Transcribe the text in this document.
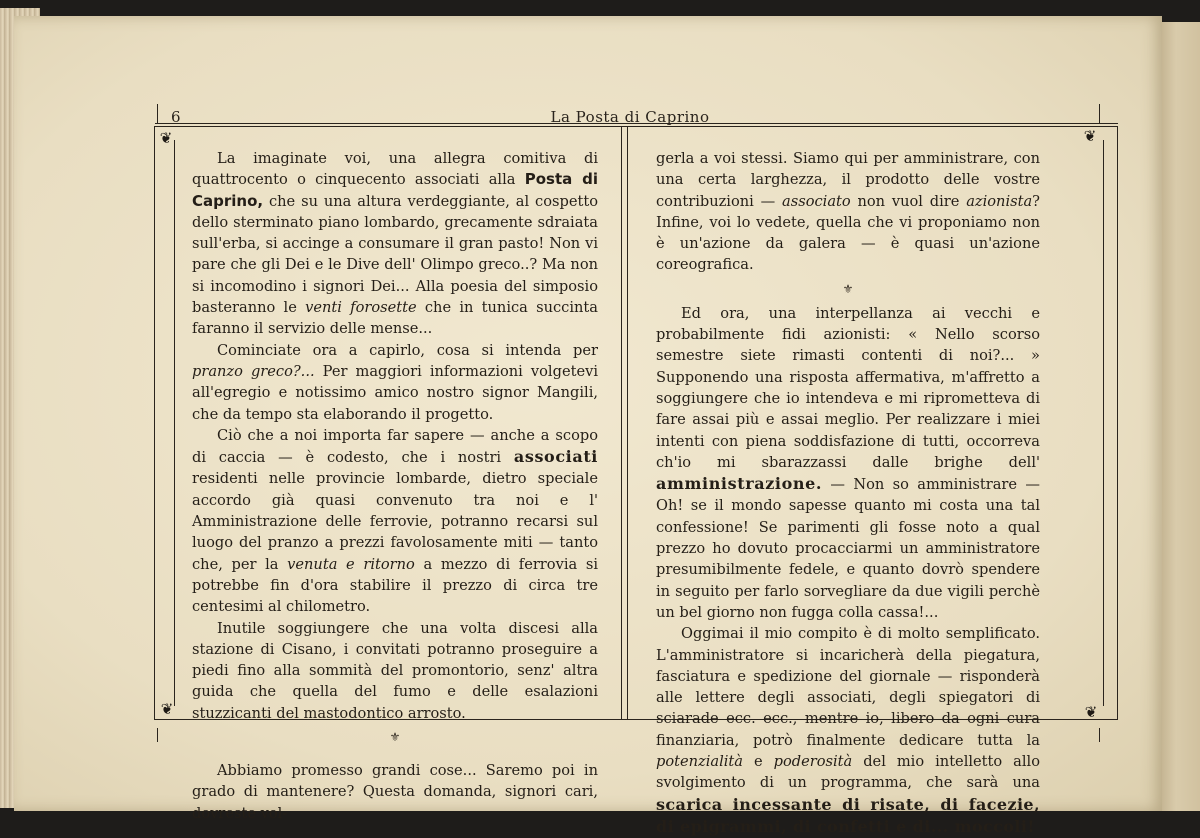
6	La Posta di Caprino
❦	❦
❦	❦

La imaginate voi, una allegra comitiva di quattrocento o cinquecento associati alla Posta di Caprino, che su una altura verdeggiante, al cospetto dello sterminato piano lombardo, grecamente sdraiata sull'erba, si accinge a consumare il gran pasto! Non vi pare che gli Dei e le Dive dell' Olimpo greco..? Ma non si incomodino i signori Dei... Alla poesia del simposio basteranno le venti forosette che in tunica succinta faranno il servizio delle mense...

Cominciate ora a capirlo, cosa si intenda per pranzo greco?... Per maggiori informazioni volgetevi all'egregio e notissimo amico nostro signor Mangili, che da tempo sta elaborando il progetto.

Ciò che a noi importa far sapere — anche a scopo di caccia — è codesto, che i nostri associati residenti nelle provincie lombarde, dietro speciale accordo già quasi convenuto tra noi e l' Amministrazione delle ferrovie, potranno recarsi sul luogo del pranzo a prezzi favolosamente miti — tanto che, per la venuta e ritorno a mezzo di ferrovia si potrebbe fin d'ora stabilire il prezzo di circa tre centesimi al chilometro.

Inutile soggiungere che una volta discesi alla stazione di Cisano, i convitati potranno proseguire a piedi fino alla sommità del promontorio, senz' altra guida che quella del fumo e delle esalazioni stuzzicanti del mastodontico arrosto.

⚜

Abbiamo promesso grandi cose... Saremo poi in grado di mantenere? Questa domanda, signori cari, dovreste vol-

gerla a voi stessi. Siamo qui per amministrare, con una certa larghezza, il prodotto delle vostre contribuzioni — associato non vuol dire azionista? Infine, voi lo vedete, quella che vi proponiamo non è un'azione da galera — è quasi un'azione coreografica.

⚜

Ed ora, una interpellanza ai vecchi e probabilmente fidi azionisti: « Nello scorso semestre siete rimasti contenti di noi?... » Supponendo una risposta affermativa, m'affretto a soggiungere che io intendeva e mi riprometteva di fare assai più e assai meglio. Per realizzare i miei intenti con piena soddisfazione di tutti, occorreva ch'io mi sbarazzassi dalle brighe dell' amministrazione. — Non so amministrare — Oh! se il mondo sapesse quanto mi costa una tal confessione! Se parimenti gli fosse noto a qual prezzo ho dovuto procacciarmi un amministratore presumibilmente fedele, e quanto dovrò spendere in seguito per farlo sorvegliare da due vigili perchè un bel giorno non fugga colla cassa!...

Oggimai il mio compito è di molto semplificato. L'amministratore si incaricherà della piegatura, fasciatura e spedizione del giornale — risponderà alle lettere degli associati, degli spiegatori di sciarade ecc. ecc., mentre io, libero da ogni cura finanziaria, potrò finalmente dedicare tutta la potenzialità e poderosità del mio intelletto allo svolgimento di un programma, che sarà una scarica incessante di risate, di facezie, di epigrammi, di confetti e di... moccoli!
